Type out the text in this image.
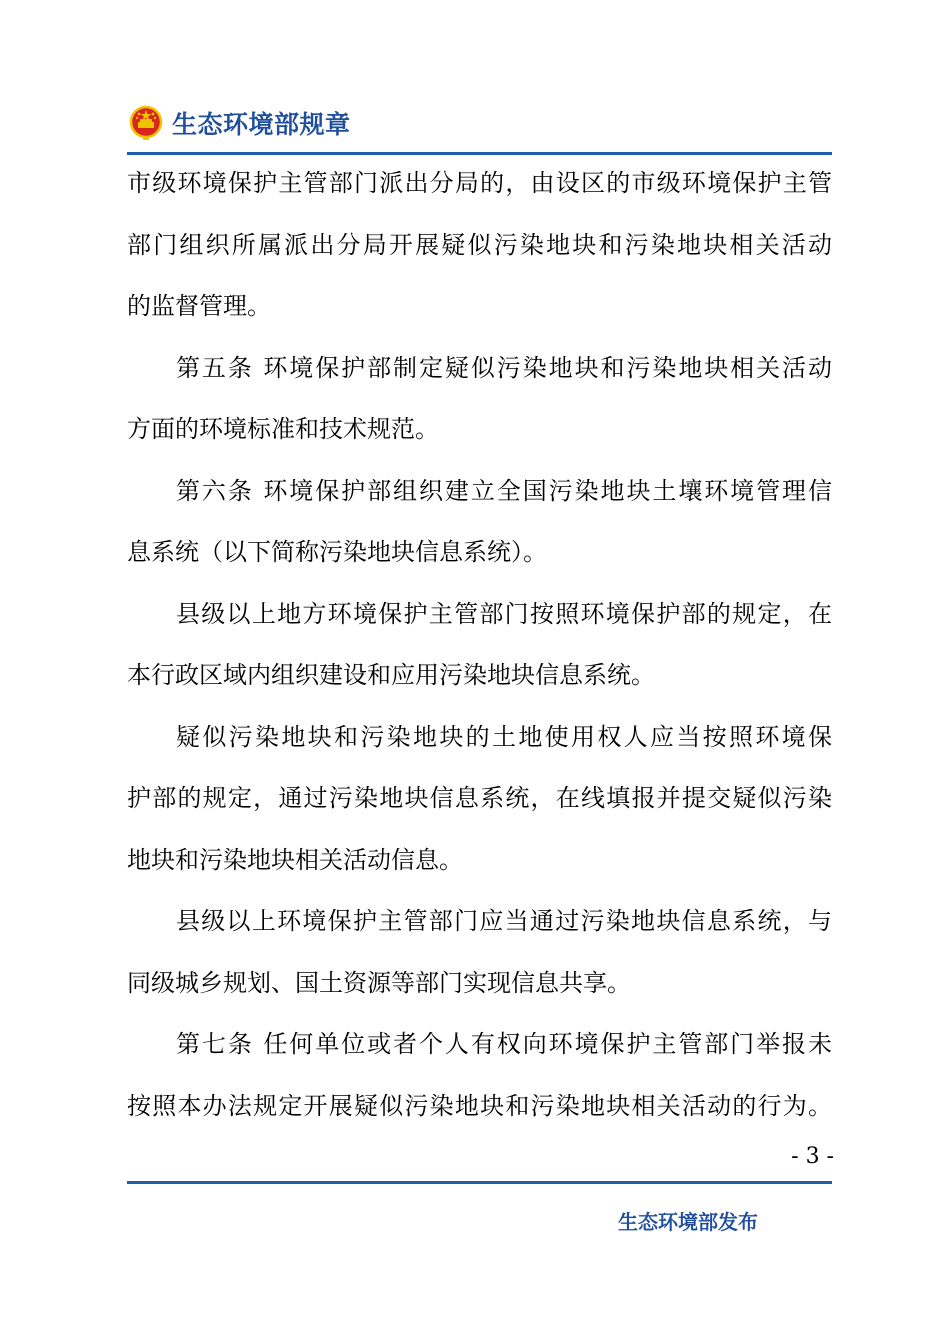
生态环境部规章
市级环境保护主管部门派出分局的，由设区的市级环境保护主管
部门组织所属派出分局开展疑似污染地块和污染地块相关活动
的监督管理。
第五条 环境保护部制定疑似污染地块和污染地块相关活动
方面的环境标准和技术规范。
第六条 环境保护部组织建立全国污染地块土壤环境管理信
息系统（以下简称污染地块信息系统）。
县级以上地方环境保护主管部门按照环境保护部的规定，在
本行政区域内组织建设和应用污染地块信息系统。
疑似污染地块和污染地块的土地使用权人应当按照环境保
护部的规定，通过污染地块信息系统，在线填报并提交疑似污染
地块和污染地块相关活动信息。
县级以上环境保护主管部门应当通过污染地块信息系统，与
同级城乡规划、国土资源等部门实现信息共享。
第七条 任何单位或者个人有权向环境保护主管部门举报未
按照本办法规定开展疑似污染地块和污染地块相关活动的行为。
- 3 -
生态环境部发布
